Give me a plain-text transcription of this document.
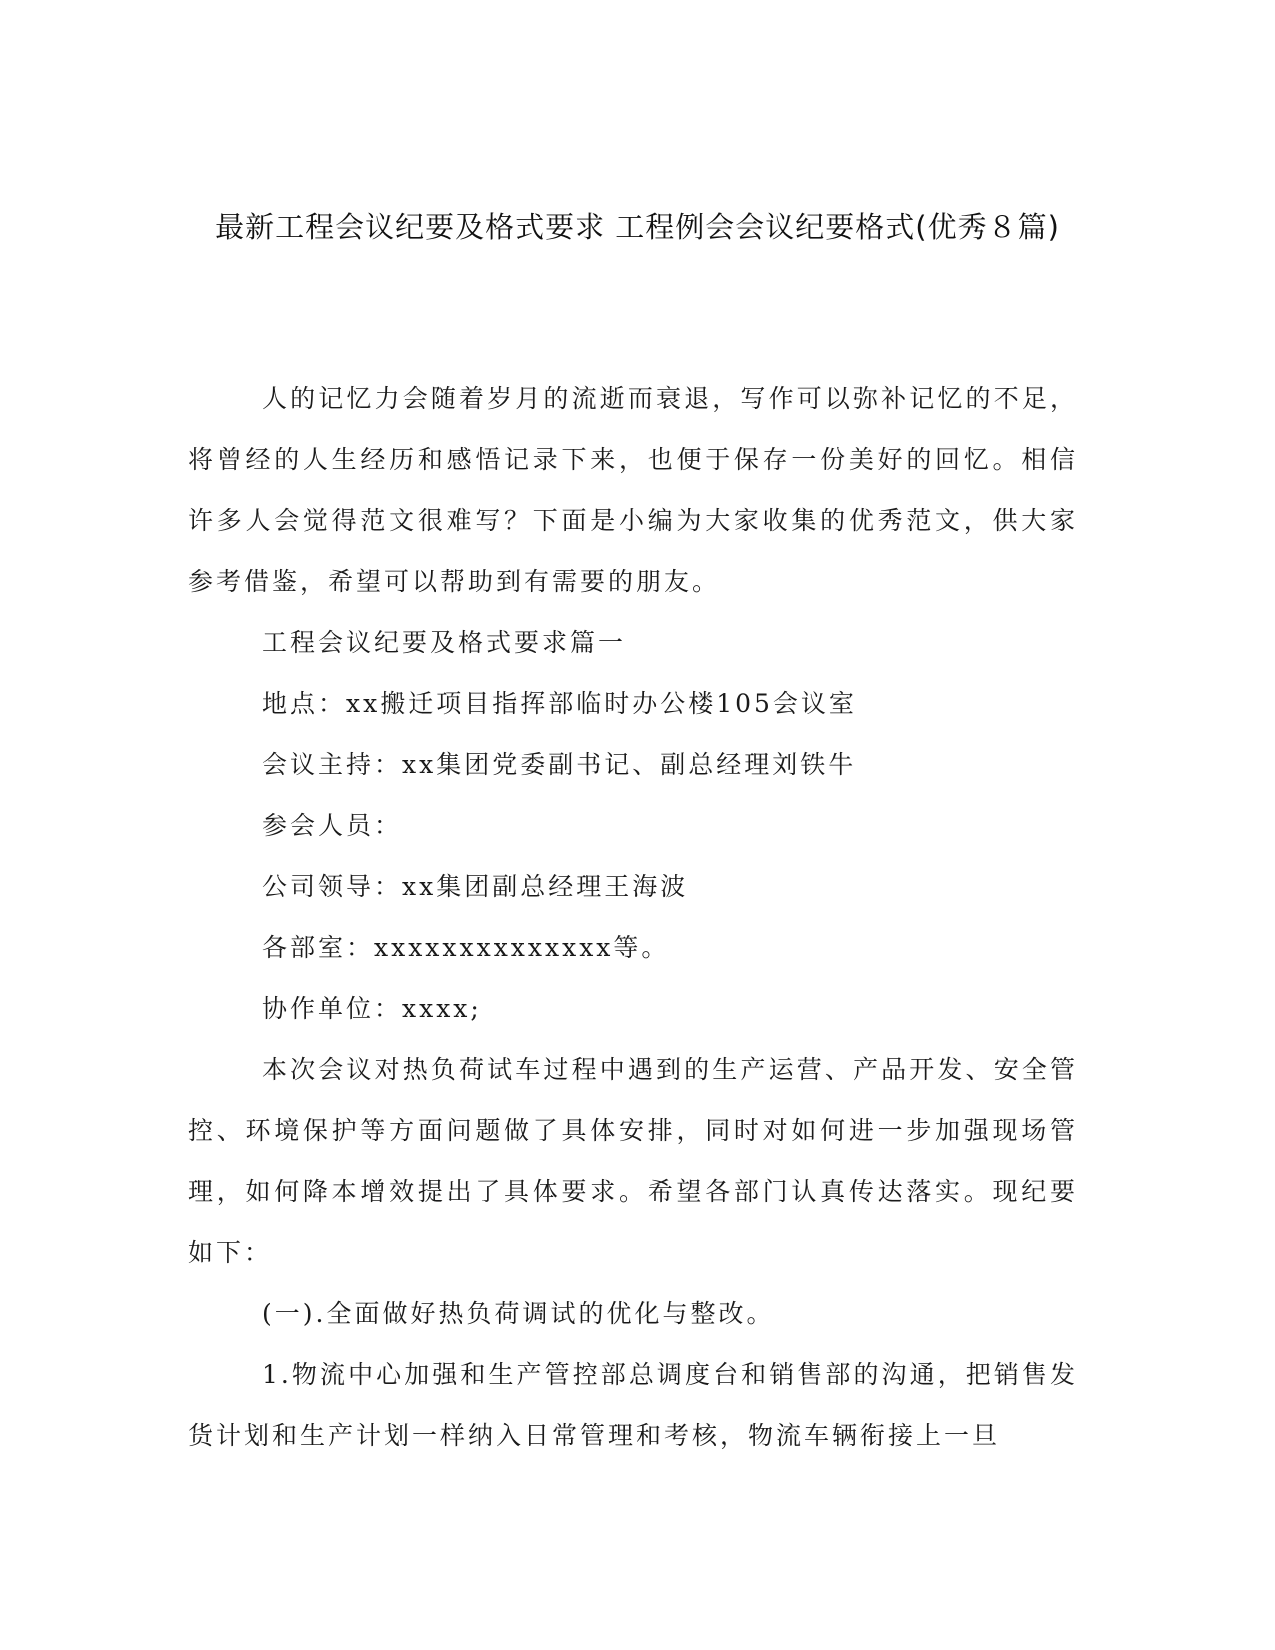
最新工程会议纪要及格式要求 工程例会会议纪要格式(优秀８篇)

人的记忆力会随着岁月的流逝而衰退，写作可以弥补记忆的不足，将曾经的人生经历和感悟记录下来，也便于保存一份美好的回忆。相信许多人会觉得范文很难写？下面是小编为大家收集的优秀范文，供大家参考借鉴，希望可以帮助到有需要的朋友。

工程会议纪要及格式要求篇一

地点：xx搬迁项目指挥部临时办公楼105会议室

会议主持：xx集团党委副书记、副总经理刘铁牛

参会人员：

公司领导：xx集团副总经理王海波

各部室：xxxxxxxxxxxxxx等。

协作单位：xxxx;

本次会议对热负荷试车过程中遇到的生产运营、产品开发、安全管控、环境保护等方面问题做了具体安排，同时对如何进一步加强现场管理，如何降本增效提出了具体要求。希望各部门认真传达落实。现纪要如下：

(一).全面做好热负荷调试的优化与整改。

1.物流中心加强和生产管控部总调度台和销售部的沟通，把销售发货计划和生产计划一样纳入日常管理和考核，物流车辆衔接上一旦
